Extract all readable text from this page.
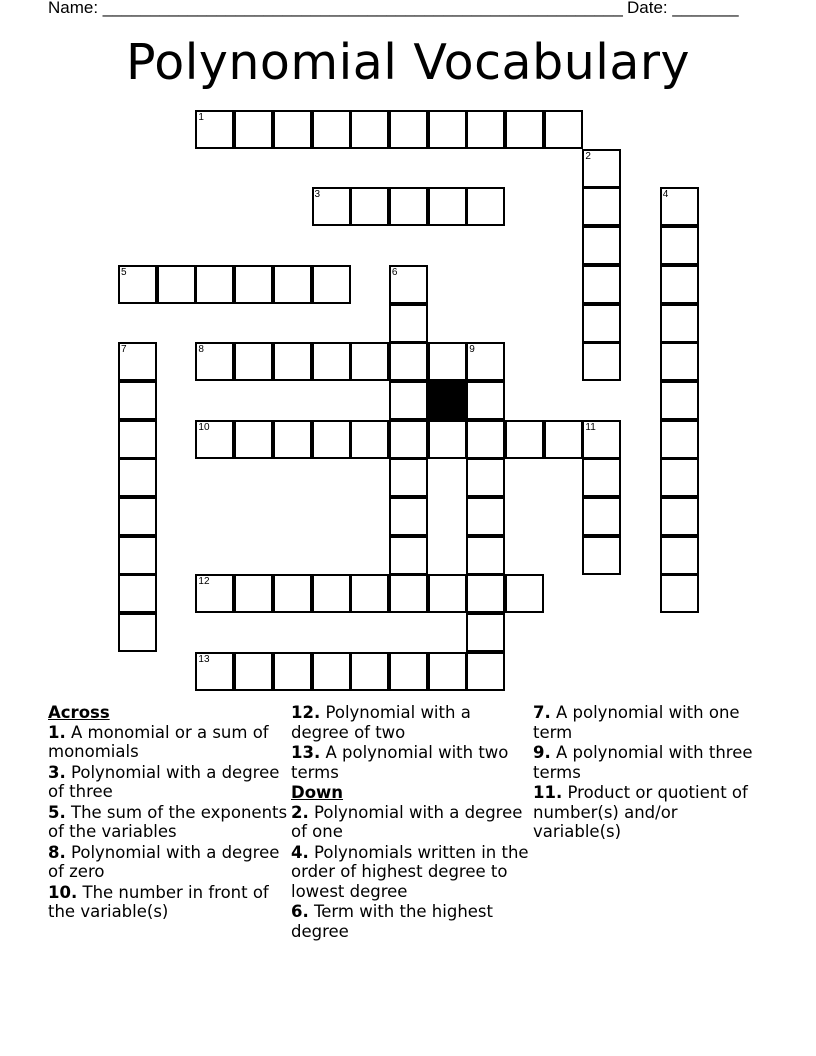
Name: _______________________________________________________ Date: _______
Polynomial Vocabulary
1
2
3	4
5	6
7	8	9
10	11
12
13
Across
1. A monomial or a sum of monomials
3. Polynomial with a degree of three
5. The sum of the exponents of the variables
8. Polynomial with a degree of zero
10. The number in front of the variable(s)
12. Polynomial with a degree of two
13. A polynomial with two terms
Down
2. Polynomial with a degree of one
4. Polynomials written in the order of highest degree to lowest degree
6. Term with the highest degree
7. A polynomial with one term
9. A polynomial with three terms
11. Product or quotient of number(s) and/or variable(s)
